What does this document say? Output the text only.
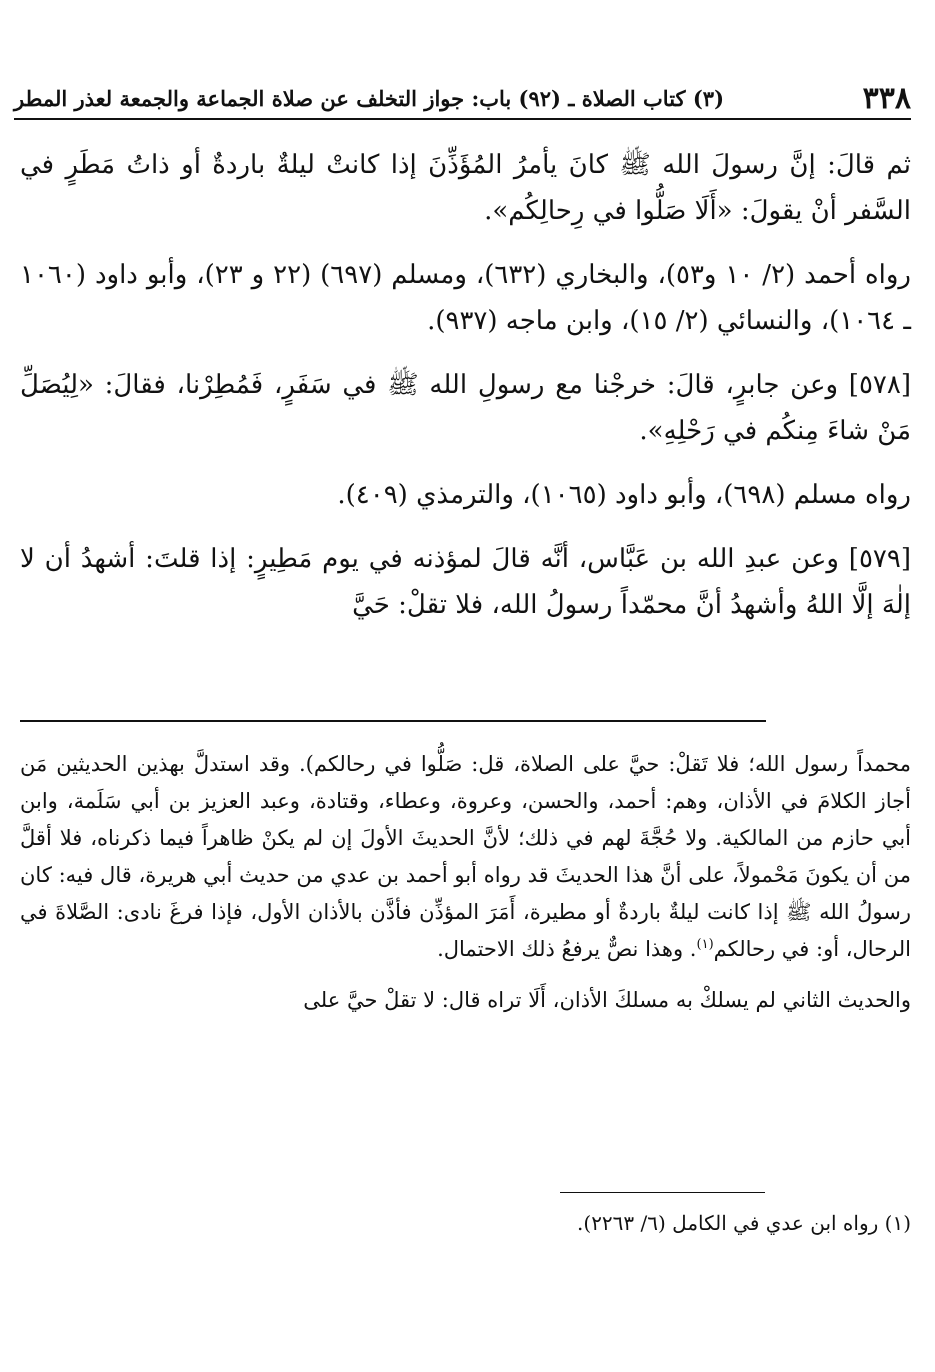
٣٣٨
(٣) كتاب الصلاة ـ (٩٢) باب: جواز التخلف عن صلاة الجماعة والجمعة لعذر المطر

ثم قالَ: إنَّ رسولَ الله ﷺ كانَ يأمرُ المُؤَذِّنَ إذا كانتْ ليلةٌ باردةٌ أو ذاتُ مَطَرٍ في السَّفر أنْ يقولَ: «أَلَا صَلُّوا في رِحالِكُم».

رواه أحمد (٢/ ١٠ و٥٣)، والبخاري (٦٣٢)، ومسلم (٦٩٧) (٢٢ و ٢٣)، وأبو داود (١٠٦٠ ـ ١٠٦٤)، والنسائي (٢/ ١٥)، وابن ماجه (٩٣٧).

[٥٧٨] وعن جابرٍ، قالَ: خرجْنا مع رسولِ الله ﷺ في سَفَرٍ، فَمُطِرْنا، فقالَ: «لِيُصَلِّ مَنْ شاءَ مِنكُم في رَحْلِهِ».

رواه مسلم (٦٩٨)، وأبو داود (١٠٦٥)، والترمذي (٤٠٩).

[٥٧٩] وعن عبدِ الله بن عَبَّاس، أنَّه قالَ لمؤذنه في يوم مَطِيرٍ: إذا قلتَ: أشهدُ أن لا إلٰهَ إلَّا اللهُ وأشهدُ أنَّ محمّداً رسولُ الله، فلا تقلْ: حَيَّ

محمداً رسول الله؛ فلا تَقلْ: حيَّ على الصلاة، قل: صَلُّوا في رحالكم). وقد استدلَّ بهذين الحديثين مَن أجاز الكلامَ في الأذان، وهم: أحمد، والحسن، وعروة، وعطاء، وقتادة، وعبد العزيز بن أبي سَلَمة، وابن أبي حازم من المالكية. ولا حُجَّةَ لهم في ذلك؛ لأنَّ الحديثَ الأولَ إن لم يكنْ ظاهراً فيما ذكرناه، فلا أقلَّ من أن يكونَ مَحْمولاً، على أنَّ هذا الحديثَ قد رواه أبو أحمد بن عدي من حديث أبي هريرة، قال فيه: كان رسولُ الله ﷺ إذا كانت ليلةٌ باردةٌ أو مطيرة، أَمَرَ المؤذِّن فأذَّن بالأذان الأول، فإذا فرغَ نادى: الصَّلاةَ في الرحال، أو: في رحالكم$^{(١)}$. وهذا نصٌّ يرفعُ ذلك الاحتمال.

والحديث الثاني لم يسلكْ به مسلكَ الأذان، أَلَا تراه قال: لا تقلْ حيَّ على

(١) رواه ابن عدي في الكامل (٦/ ٢٢٦٣).
